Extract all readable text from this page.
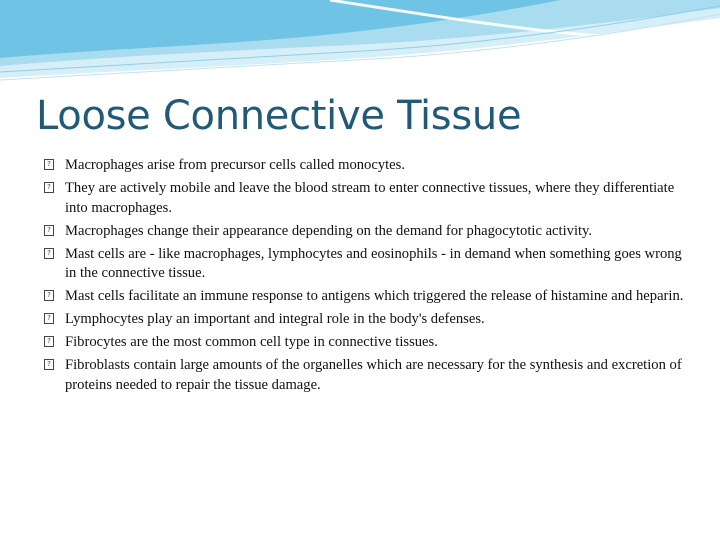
Loose Connective Tissue
? Macrophages arise from precursor cells called monocytes.
? They are actively mobile and leave the blood stream to enter connective tissues, where they differentiate into macrophages.
? Macrophages change their appearance depending on the demand for phagocytotic activity.
? Mast cells are - like macrophages, lymphocytes and eosinophils - in demand when something goes wrong in the connective tissue.
? Mast cells facilitate an immune response to antigens which triggered the release of histamine and heparin.
? Lymphocytes play an important and integral role in the body's defenses.
? Fibrocytes are the most common cell type in connective tissues.
? Fibroblasts contain large amounts of the organelles which are necessary for the synthesis and excretion of proteins needed to repair the tissue damage.
